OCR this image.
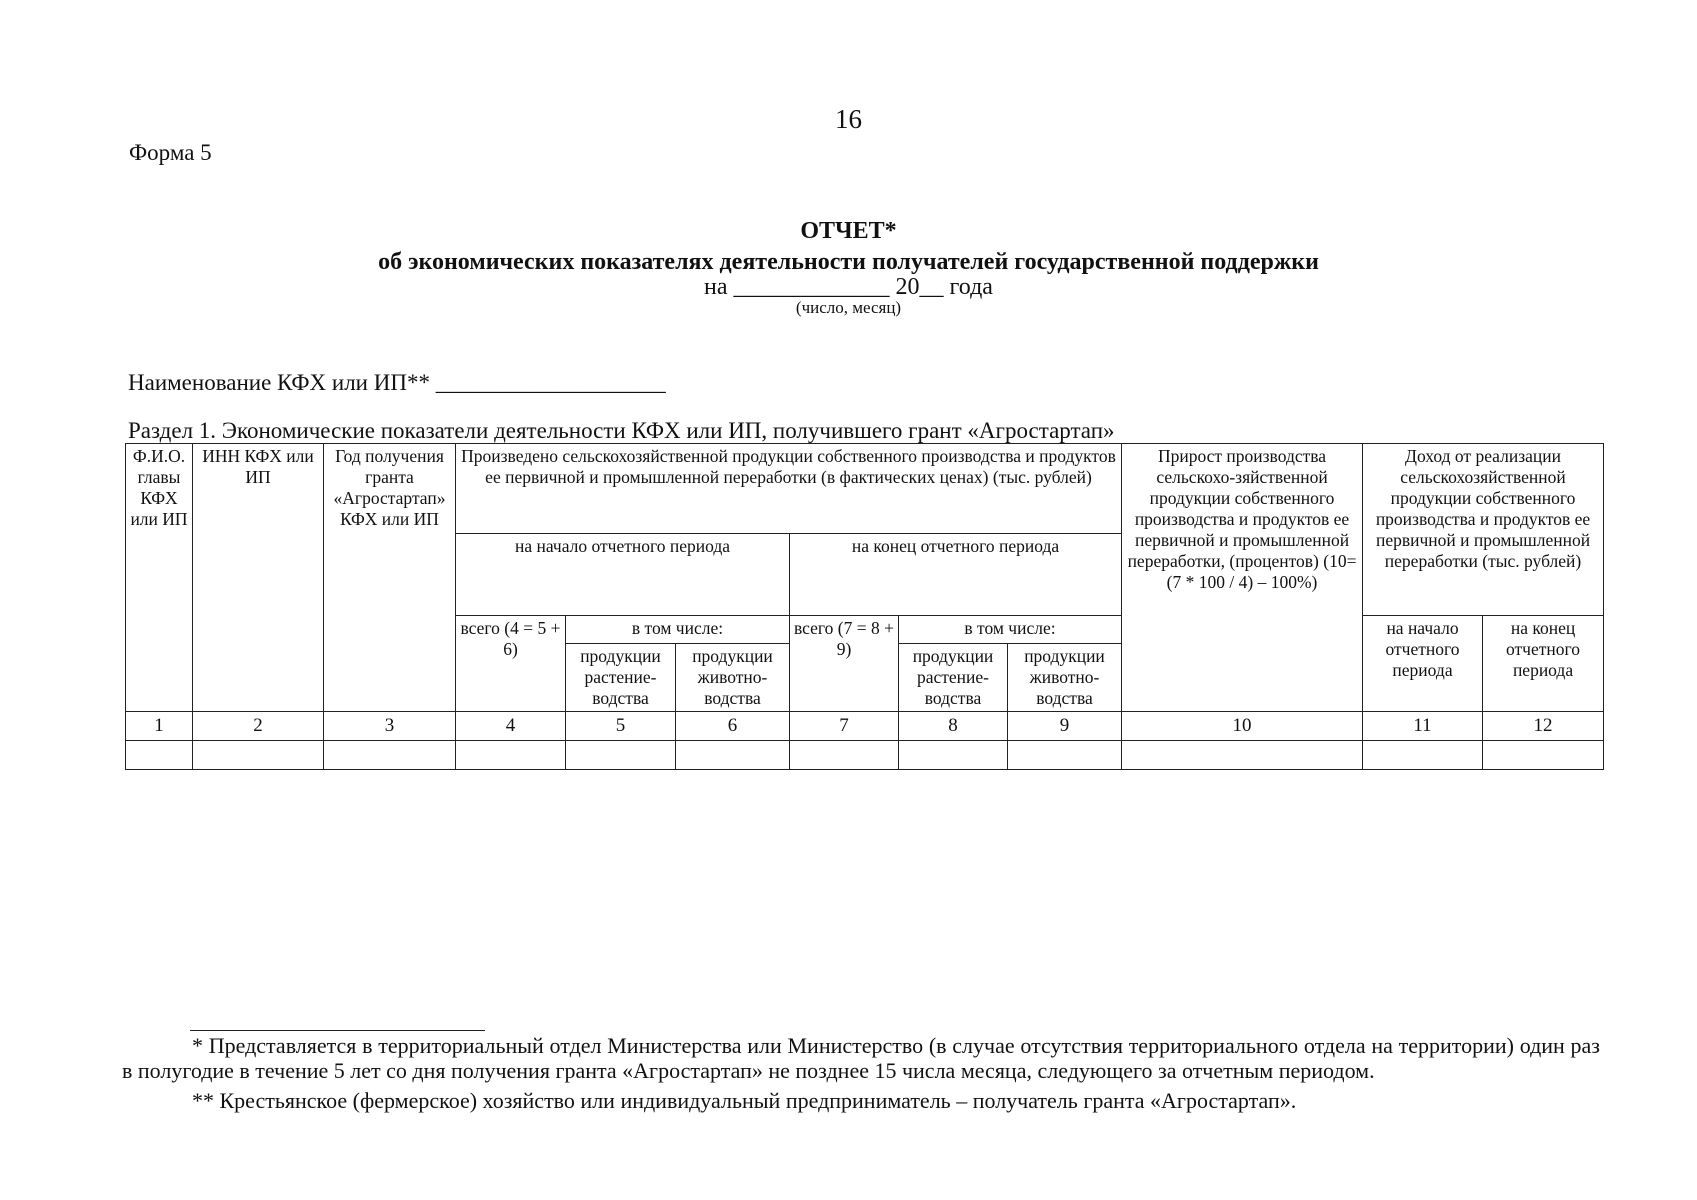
16
Форма 5
ОТЧЕТ*
об экономических показателях деятельности получателей государственной поддержки
на _____________ 20__ года
(число, месяц)
Наименование КФХ или ИП** ____________________
Раздел 1. Экономические показатели деятельности КФХ или ИП, получившего грант «Агростартап»
Ф.И.О. главы КФХ или ИП	ИНН КФХ или ИП	Год получения гранта «Агростартап» КФХ или ИП	Произведено сельскохозяйственной продукции собственного производства и продуктов ее первичной и промышленной переработки (в фактических ценах) (тыс. рублей)						Прирост производства сельскохо-зяйственной продукции собственного производства и продуктов ее первичной и промышленной переработки, (процентов) (10= (7 * 100 / 4) – 100%)	Доход от реализации сельскохозяйственной продукции собственного производства и продуктов ее первичной и промышленной переработки (тыс. рублей)	
			на начало отчетного периода			на конец отчетного периода					
			всего (4 = 5 + 6)	в том числе:		всего (7 = 8 + 9)	в том числе:			на начало отчетного периода	на конец отчетного периода
				продукции растение-водства	продукции животно-водства		продукции растение-водства	продукции животно-водства			
1	2	3	4	5	6	7	8	9	10	11	12

* Представляется в территориальный отдел Министерства или Министерство (в случае отсутствия территориального отдела на территории) один раз в полугодие в течение 5 лет со дня получения гранта «Агростартап» не позднее 15 числа месяца, следующего за отчетным периодом.

** Крестьянское (фермерское) хозяйство или индивидуальный предприниматель – получатель гранта «Агростартап».
